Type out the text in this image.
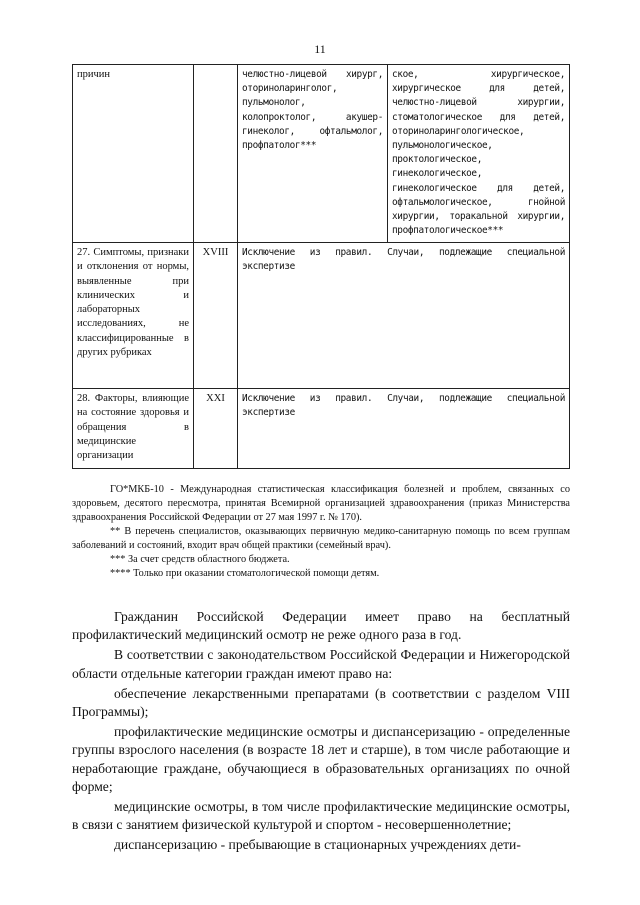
11
причин		челюстно-лицевой хирург, оториноларинголог, пульмонолог, колопроктолог, акушер-гинеколог, офтальмолог, профпатолог***	ское, хирургическое, хирургическое для детей, челюстно-лицевой хирургии, стоматологическое для детей, оториноларингологическое, пульмонологическое, проктологическое, гинекологическое, гинекологическое для детей, офтальмологическое, гнойной хирургии, торакальной хирургии, профпатологическое***
27. Симптомы, признаки и отклонения от нормы, выявленные при клинических и лабораторных исследованиях, не классифицированные в других рубриках	XVIII	Исключение из правил. Случаи, подлежащие специальной экспертизе	
28. Факторы, влияющие на состояние здоровья и обращения в медицинские организации	XXI	Исключение из правил. Случаи, подлежащие специальной экспертизе	

ГО*МКБ-10 - Международная статистическая классификация болезней и проблем, связанных со здоровьем, десятого пересмотра, принятая Всемирной организацией здравоохранения (приказ Министерства здравоохранения Российской Федерации от 27 мая 1997 г. № 170).

** В перечень специалистов, оказывающих первичную медико-санитарную помощь по всем группам заболеваний и состояний, входит врач общей практики (семейный врач).

*** За счет средств областного бюджета.

**** Только при оказании стоматологической помощи детям.

Гражданин Российской Федерации имеет право на бесплатный профилактический медицинский осмотр не реже одного раза в год.

В соответствии с законодательством Российской Федерации и Нижегородской области отдельные категории граждан имеют право на:

обеспечение лекарственными препаратами (в соответствии с разделом VIII Программы);

профилактические медицинские осмотры и диспансеризацию - определенные группы взрослого населения (в возрасте 18 лет и старше), в том числе работающие и неработающие граждане, обучающиеся в образовательных организациях по очной форме;

медицинские осмотры, в том числе профилактические медицинские осмотры, в связи с занятием физической культурой и спортом - несовершеннолетние;

диспансеризацию - пребывающие в стационарных учреждениях дети-
